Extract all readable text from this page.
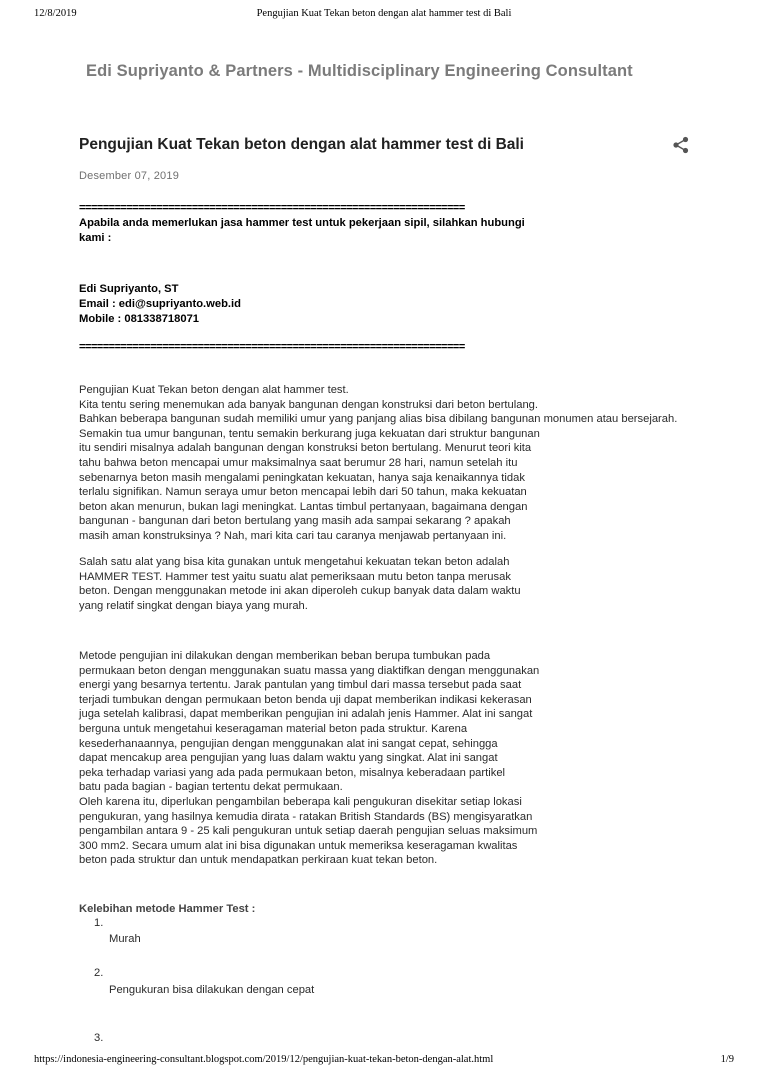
12/8/2019	Pengujian Kuat Tekan beton dengan alat hammer test di Bali
Edi Supriyanto & Partners - Multidisciplinary Engineering Consultant
Pengujian Kuat Tekan beton dengan alat hammer test di Bali
Desember 07, 2019
=================================================================
Apabila anda memerlukan jasa hammer test untuk pekerjaan sipil, silahkan hubungi
kami :
Edi Supriyanto, ST
Email : edi@supriyanto.web.id
Mobile : 081338718071
=================================================================
Pengujian Kuat Tekan beton dengan alat hammer test.
Kita tentu sering menemukan ada banyak bangunan dengan konstruksi dari beton bertulang.
Bahkan beberapa bangunan sudah memiliki umur yang panjang alias bisa dibilang bangunan monumen atau bersejarah.
Semakin tua umur bangunan, tentu semakin berkurang juga kekuatan dari struktur bangunan
itu sendiri misalnya adalah bangunan dengan konstruksi beton bertulang. Menurut teori kita
tahu bahwa beton mencapai umur maksimalnya saat berumur 28 hari, namun setelah itu
sebenarnya beton masih mengalami peningkatan kekuatan, hanya saja kenaikannya tidak
terlalu signifikan. Namun seraya umur beton mencapai lebih dari 50 tahun, maka kekuatan
beton akan menurun, bukan lagi meningkat. Lantas timbul pertanyaan, bagaimana dengan
bangunan - bangunan dari beton bertulang yang masih ada sampai sekarang ? apakah
masih aman konstruksinya ? Nah, mari kita cari tau caranya menjawab pertanyaan ini.
Salah satu alat yang bisa kita gunakan untuk mengetahui kekuatan tekan beton adalah
HAMMER TEST. Hammer test yaitu suatu alat pemeriksaan mutu beton tanpa merusak
beton. Dengan menggunakan metode ini akan diperoleh cukup banyak data dalam waktu
yang relatif singkat dengan biaya yang murah.
Metode pengujian ini dilakukan dengan memberikan beban berupa tumbukan pada
permukaan beton dengan menggunakan suatu massa yang diaktifkan dengan menggunakan
energi yang besarnya tertentu. Jarak pantulan yang timbul dari massa tersebut pada saat
terjadi tumbukan dengan permukaan beton benda uji dapat memberikan indikasi kekerasan
juga setelah kalibrasi, dapat memberikan pengujian ini adalah jenis Hammer. Alat ini sangat
berguna untuk mengetahui keseragaman material beton pada struktur. Karena
kesederhanaannya, pengujian dengan menggunakan alat ini sangat cepat, sehingga
dapat mencakup area pengujian yang luas dalam waktu yang singkat. Alat ini sangat
peka terhadap variasi yang ada pada permukaan beton, misalnya keberadaan partikel
batu pada bagian - bagian tertentu dekat permukaan.
Oleh karena itu, diperlukan pengambilan beberapa kali pengukuran disekitar setiap lokasi
pengukuran, yang hasilnya kemudia dirata - ratakan British Standards (BS) mengisyaratkan
pengambilan antara 9 - 25 kali pengukuran untuk setiap daerah pengujian seluas maksimum
300 mm2. Secara umum alat ini bisa digunakan untuk memeriksa keseragaman kwalitas
beton pada struktur dan untuk mendapatkan perkiraan kuat tekan beton.
Kelebihan metode Hammer Test :
1.
Murah
2.
Pengukuran bisa dilakukan dengan cepat
3.
https://indonesia-engineering-consultant.blogspot.com/2019/12/pengujian-kuat-tekan-beton-dengan-alat.html	1/9
